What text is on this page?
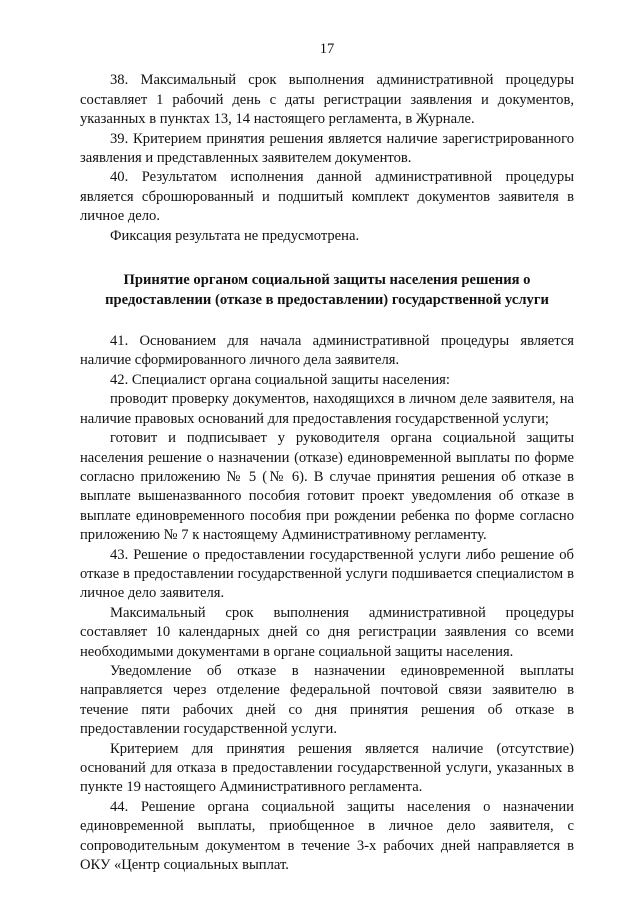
17

38. Максимальный срок выполнения административной процедуры составляет 1 рабочий день с даты регистрации заявления и документов, указанных в пунктах 13, 14 настоящего регламента, в Журнале.

39. Критерием принятия решения является наличие зарегистрированного заявления и представленных заявителем документов.

40. Результатом исполнения данной административной процедуры является сброшюрованный и подшитый комплект документов заявителя в личное дело.

Фиксация результата не предусмотрена.

Принятие органом социальной защиты населения решения о предоставлении (отказе в предоставлении) государственной услуги

41. Основанием для начала административной процедуры является наличие сформированного личного дела заявителя.

42. Специалист органа социальной защиты населения:

проводит проверку документов, находящихся в личном деле заявителя, на наличие правовых оснований для предоставления государственной услуги;

готовит и подписывает у руководителя органа социальной защиты населения решение о назначении (отказе) единовременной выплаты по форме согласно приложению № 5 (№ 6). В случае принятия решения об отказе в выплате вышеназванного пособия готовит проект уведомления об отказе в выплате единовременного пособия при рождении ребенка по форме согласно приложению № 7 к настоящему Административному регламенту.

43. Решение о предоставлении государственной услуги либо решение об отказе в предоставлении государственной услуги подшивается специалистом в личное дело заявителя.

Максимальный срок выполнения административной процедуры составляет 10 календарных дней со дня регистрации заявления со всеми необходимыми документами в органе социальной защиты населения.

Уведомление об отказе в назначении единовременной выплаты направляется через отделение федеральной почтовой связи заявителю в течение пяти рабочих дней со дня принятия решения об отказе в предоставлении государственной услуги.

Критерием для принятия решения является наличие (отсутствие) оснований для отказа в предоставлении государственной услуги, указанных в пункте 19 настоящего Административного регламента.

44. Решение органа социальной защиты населения о назначении единовременной выплаты, приобщенное в личное дело заявителя, с сопроводительным документом в течение 3-х рабочих дней направляется в ОКУ «Центр социальных выплат.
